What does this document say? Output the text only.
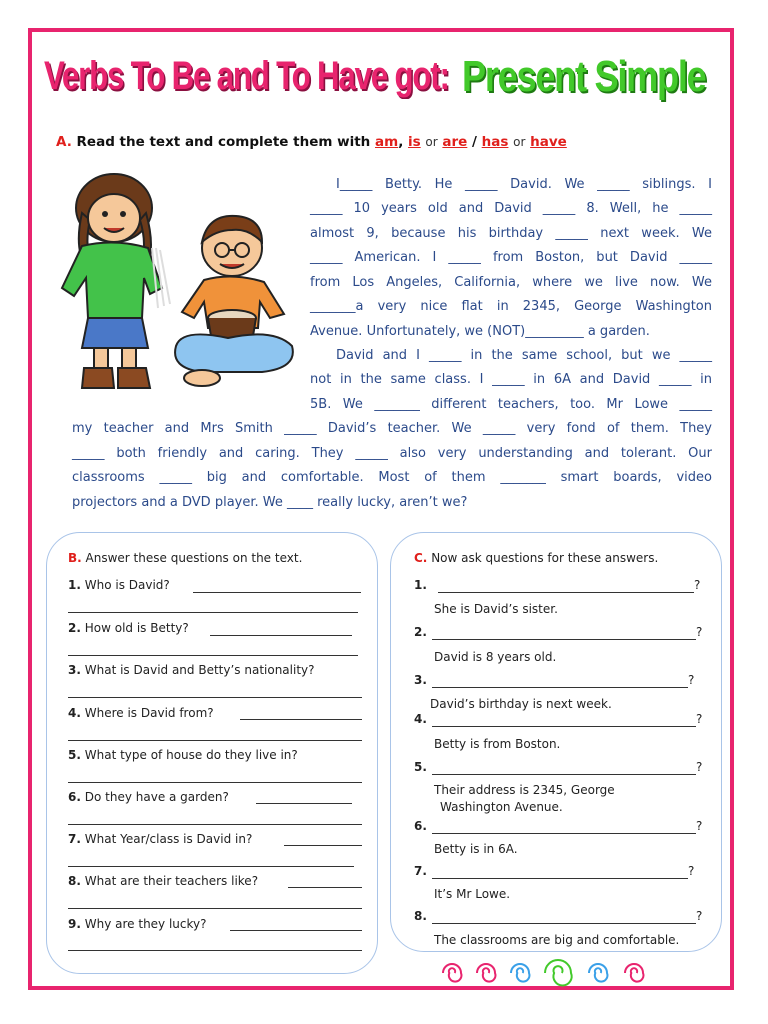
Verbs To Be and To Have got: Present Simple
A. Read the text and complete them with am, is or are / has or have
I_____ Betty. He _____ David. We _____ siblings. I
_____ 10 years old and David _____ 8. Well, he _____
almost 9, because his birthday _____ next week. We
_____ American. I _____ from Boston, but David _____
from Los Angeles, California, where we live now. We
_______a very nice flat in 2345, George Washington
Avenue. Unfortunately, we (NOT)_________ a garden.
David and I _____ in the same school, but we _____
not in the same class. I _____ in 6A and David _____ in
5B. We _______ different teachers, too. Mr Lowe _____
my teacher and Mrs Smith _____ David’s teacher. We _____ very fond of them. They
_____ both friendly and caring. They _____ also very understanding and tolerant. Our
classrooms _____ big and comfortable. Most of them _______ smart boards, video
projectors and a DVD player. We ____ really lucky, aren’t we?
B. Answer these questions on the text.
1. Who is David?
2. How old is Betty?
3. What is David and Betty’s nationality?
4. Where is David from?
5. What type of house do they live in?
6. Do they have a garden?
7. What Year/class is David in?
8. What are their teachers like?
9. Why are they lucky?
C. Now ask questions for these answers.
1.	?
She is David’s sister.
2.	?
David is 8 years old.
3.	?
David’s birthday is next week.
4.	?
Betty is from Boston.
5.	?
Their address is 2345, George
Washington Avenue.
6.	?
Betty is in 6A.
7.	?
It’s Mr Lowe.
8.	?
The classrooms are big and comfortable.
